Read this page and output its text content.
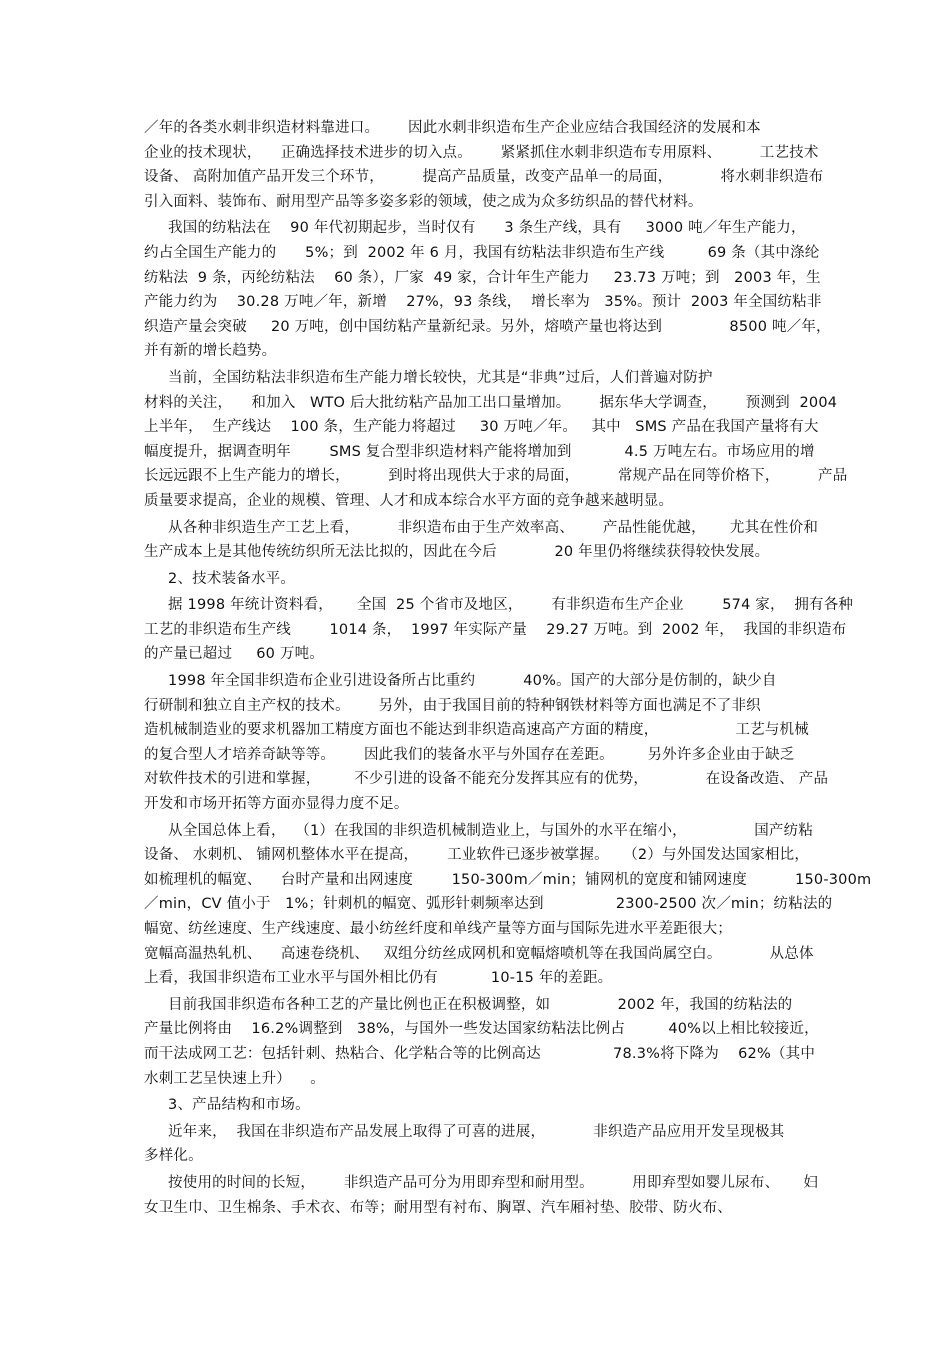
／年的各类水刺非织造材料靠进口。      因此水刺非织造布生产企业应结合我国经济的发展和本
企业的技术现状，    正确选择技术进步的切入点。      紧紧抓住水刺非织造布专用原料、        工艺技术
设备、 高附加值产品开发三个环节，        提高产品质量，改变产品单一的局面，          将水刺非织造布
引入面料、装饰布、耐用型产品等多姿多彩的领域，使之成为众多纺织品的替代材料。
我国的纺粘法在    90 年代初期起步，当时仅有      3 条生产线，具有     3000 吨／年生产能力，
约占全国生产能力的      5%；到  2002 年 6 月，我国有纺粘法非织造布生产线         69 条（其中涤纶
纺粘法  9 条，丙纶纺粘法    60 条），厂家  49 家，合计年生产能力     23.73 万吨；到   2003 年，生
产能力约为    30.28 万吨／年，新增    27%，93 条线，  增长率为   35%。预计  2003 年全国纺粘非
织造产量会突破     20 万吨，创中国纺粘产量新纪录。另外，熔喷产量也将达到              8500 吨／年，
并有新的增长趋势。
当前，全国纺粘法非织造布生产能力增长较快，尤其是“非典”过后，人们普遍对防护
材料的关注，    和加入   WTO 后大批纺粘产品加工出口量增加。      据东华大学调查，      预测到  2004
上半年，  生产线达    100 条，生产能力将超过     30 万吨／年。   其中   SMS 产品在我国产量将有大
幅度提升，据调查明年        SMS 复合型非织造材料产能将增加到           4.5 万吨左右。市场应用的增
长远远跟不上生产能力的增长，        到时将出现供大于求的局面，        常规产品在同等价格下，        产品
质量要求提高，企业的规模、管理、人才和成本综合水平方面的竞争越来越明显。
从各种非织造生产工艺上看，        非织造布由于生产效率高、      产品性能优越，     尤其在性价和
生产成本上是其他传统纺织所无法比拟的，因此在今后            20 年里仍将继续获得较快发展。
2、技术装备水平。
据 1998 年统计资料看，     全国  25 个省市及地区，      有非织造布生产企业        574 家，  拥有各种
工艺的非织造布生产线        1014 条，  1997 年实际产量    29.27 万吨。到  2002 年，  我国的非织造布
的产量已超过     60 万吨。
1998 年全国非织造布企业引进设备所占比重约          40%。国产的大部分是仿制的，缺少自
行研制和独立自主产权的技术。      另外，由于我国目前的特种钢铁材料等方面也满足不了非织
造机械制造业的要求机器加工精度方面也不能达到非织造高速高产方面的精度，                工艺与机械
的复合型人才培养奇缺等等。      因此我们的装备水平与外国存在差距。       另外许多企业由于缺乏
对软件技术的引进和掌握，       不少引进的设备不能充分发挥其应有的优势，            在设备改造、 产品
开发和市场开拓等方面亦显得力度不足。
从全国总体上看，  （1）在我国的非织造机械制造业上，与国外的水平在缩小，              国产纺粘
设备、 水刺机、 铺网机整体水平在提高，      工业软件已逐步被掌握。   （2）与外国发达国家相比，
如梳理机的幅宽、    台时产量和出网速度        150-300m／min；铺网机的宽度和铺网速度          150-300m
／min，CV 值小于   1%；针刺机的幅宽、弧形针刺频率达到               2300-2500 次／min；纺粘法的
幅宽、纺丝速度、生产线速度、最小纺丝纤度和单线产量等方面与国际先进水平差距很大；
宽幅高温热轧机、    高速卷绕机、   双组分纺丝成网机和宽幅熔喷机等在我国尚属空白。          从总体
上看，我国非织造布工业水平与国外相比仍有           10-15 年的差距。
目前我国非织造布各种工艺的产量比例也正在积极调整，如              2002 年，我国的纺粘法的
产量比例将由    16.2%调整到   38%，与国外一些发达国家纺粘法比例占         40%以上相比较接近，
而干法成网工艺：包括针刺、热粘合、化学粘合等的比例高达               78.3%将下降为    62%（其中
水刺工艺呈快速上升）    。
3、产品结构和市场。
近年来，  我国在非织造布产品发展上取得了可喜的进展，          非织造产品应用开发呈现极其
多样化。
按使用的时间的长短，      非织造产品可分为用即弃型和耐用型。        用即弃型如婴儿尿布、     妇
女卫生巾、卫生棉条、手术衣、布等；耐用型有衬布、胸罩、汽车厢衬垫、胶带、防火布、
